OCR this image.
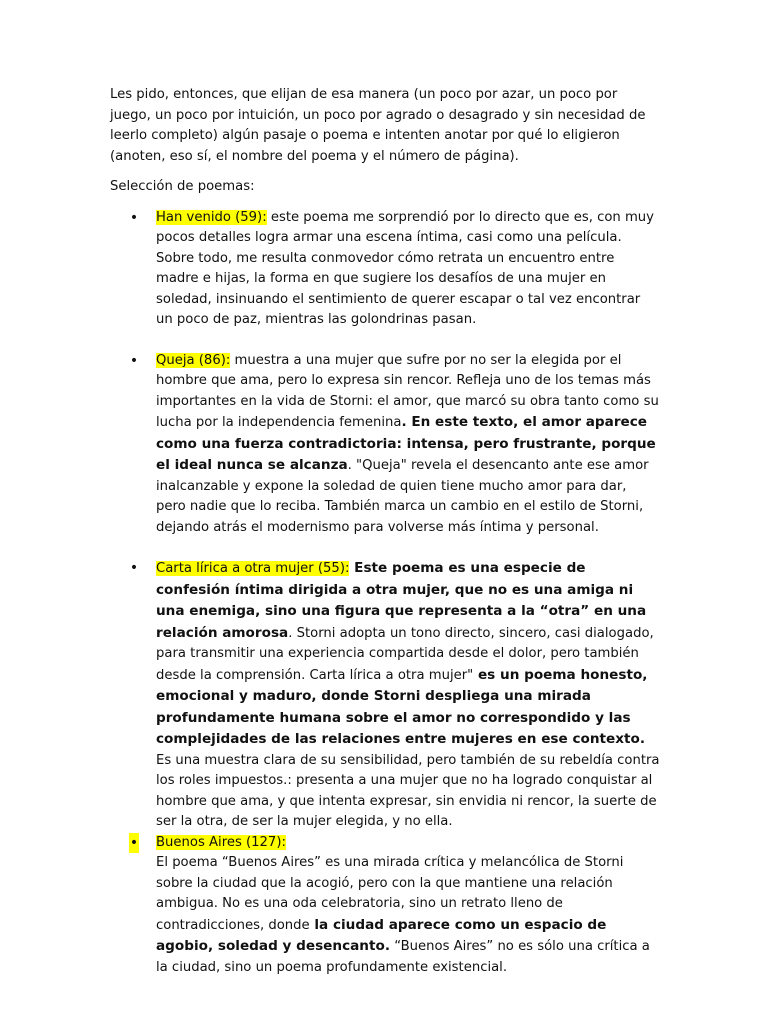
Les pido, entonces, que elijan de esa manera (un poco por azar, un poco por juego, un poco por intuición, un poco por agrado o desagrado y sin necesidad de leerlo completo) algún pasaje o poema e intenten anotar por qué lo eligieron (anoten, eso sí, el nombre del poema y el número de página).

Selección de poemas:

• Han venido (59): este poema me sorprendió por lo directo que es, con muy pocos detalles logra armar una escena íntima, casi como una película. Sobre todo, me resulta conmovedor cómo retrata un encuentro entre madre e hijas, la forma en que sugiere los desafíos de una mujer en soledad, insinuando el sentimiento de querer escapar o tal vez encontrar un poco de paz, mientras las golondrinas pasan.
• Queja (86): muestra a una mujer que sufre por no ser la elegida por el hombre que ama, pero lo expresa sin rencor. Refleja uno de los temas más importantes en la vida de Storni: el amor, que marcó su obra tanto como su lucha por la independencia femenina. En este texto, el amor aparece como una fuerza contradictoria: intensa, pero frustrante, porque el ideal nunca se alcanza. "Queja" revela el desencanto ante ese amor inalcanzable y expone la soledad de quien tiene mucho amor para dar, pero nadie que lo reciba. También marca un cambio en el estilo de Storni, dejando atrás el modernismo para volverse más íntima y personal.
• Carta lírica a otra mujer (55): Este poema es una especie de confesión íntima dirigida a otra mujer, que no es una amiga ni una enemiga, sino una figura que representa a la “otra” en una relación amorosa. Storni adopta un tono directo, sincero, casi dialogado, para transmitir una experiencia compartida desde el dolor, pero también desde la comprensión. Carta lírica a otra mujer" es un poema honesto, emocional y maduro, donde Storni despliega una mirada profundamente humana sobre el amor no correspondido y las complejidades de las relaciones entre mujeres en ese contexto. Es una muestra clara de su sensibilidad, pero también de su rebeldía contra los roles impuestos.: presenta a una mujer que no ha logrado conquistar al hombre que ama, y que intenta expresar, sin envidia ni rencor, la suerte de ser la otra, de ser la mujer elegida, y no ella.
• Buenos Aires (127):
El poema “Buenos Aires” es una mirada crítica y melancólica de Storni sobre la ciudad que la acogió, pero con la que mantiene una relación ambigua. No es una oda celebratoria, sino un retrato lleno de contradicciones, donde la ciudad aparece como un espacio de agobio, soledad y desencanto. “Buenos Aires” no es sólo una crítica a la ciudad, sino un poema profundamente existencial.
